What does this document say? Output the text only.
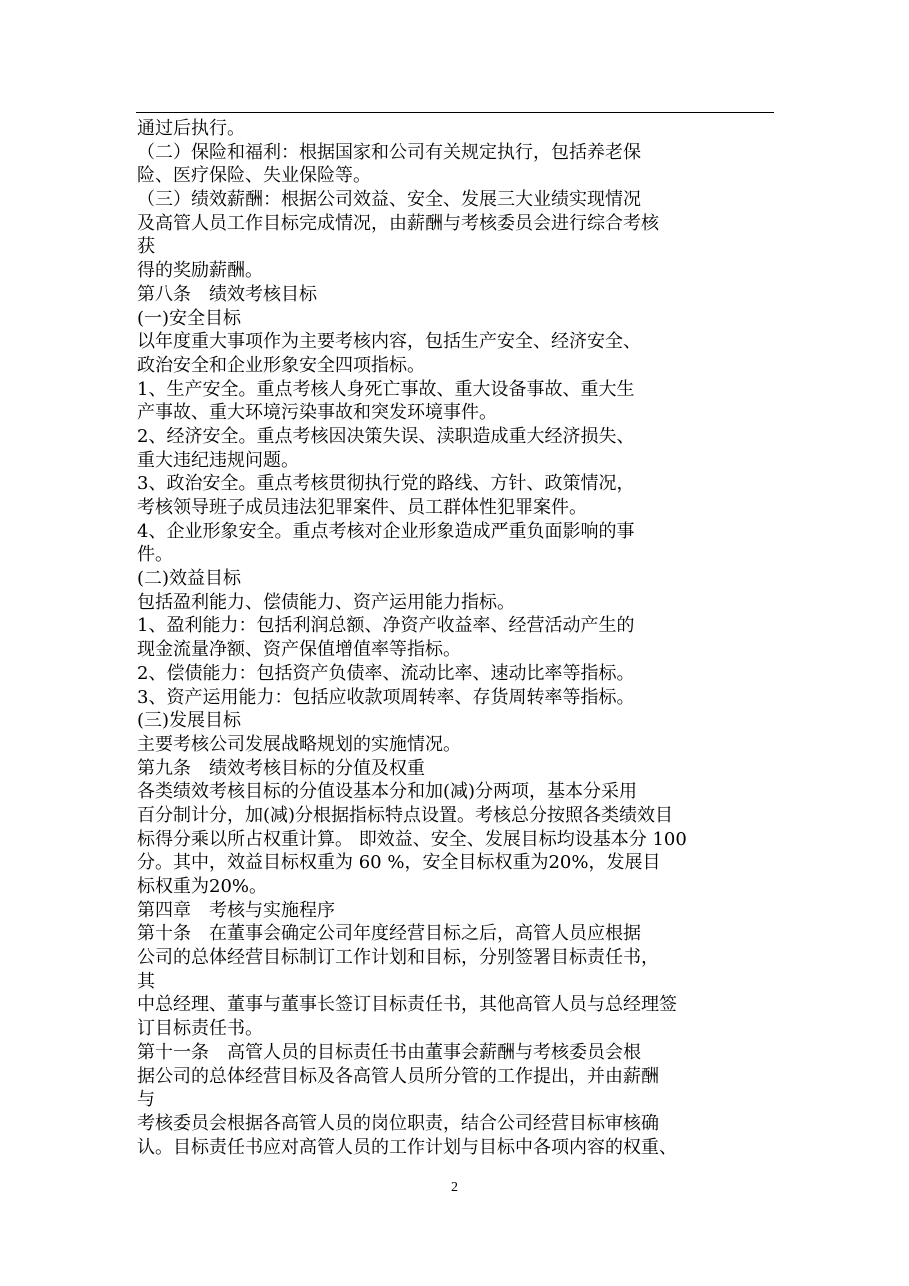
通过后执行。
（二）保险和福利：根据国家和公司有关规定执行，包括养老保
险、医疗保险、失业保险等。
（三）绩效薪酬：根据公司效益、安全、发展三大业绩实现情况
及高管人员工作目标完成情况，由薪酬与考核委员会进行综合考核
获
得的奖励薪酬。
第八条　绩效考核目标
(一)安全目标
以年度重大事项作为主要考核内容，包括生产安全、经济安全、
政治安全和企业形象安全四项指标。
1、生产安全。重点考核人身死亡事故、重大设备事故、重大生
产事故、重大环境污染事故和突发环境事件。
2、经济安全。重点考核因决策失误、渎职造成重大经济损失、
重大违纪违规问题。
3、政治安全。重点考核贯彻执行党的路线、方针、政策情况，
考核领导班子成员违法犯罪案件、员工群体性犯罪案件。
4、企业形象安全。重点考核对企业形象造成严重负面影响的事
件。
(二)效益目标
包括盈利能力、偿债能力、资产运用能力指标。
1、盈利能力：包括利润总额、净资产收益率、经营活动产生的
现金流量净额、资产保值增值率等指标。
2、偿债能力：包括资产负债率、流动比率、速动比率等指标。
3、资产运用能力：包括应收款项周转率、存货周转率等指标。
(三)发展目标
主要考核公司发展战略规划的实施情况。
第九条　绩效考核目标的分值及权重
各类绩效考核目标的分值设基本分和加(减)分两项，基本分采用
百分制计分，加(减)分根据指标特点设置。考核总分按照各类绩效目
标得分乘以所占权重计算。 即效益、安全、发展目标均设基本分 100
分。其中，效益目标权重为 60 %，安全目标权重为20%，发展目
标权重为20%。
第四章　考核与实施程序
第十条　在董事会确定公司年度经营目标之后，高管人员应根据
公司的总体经营目标制订工作计划和目标，分别签署目标责任书，
其
中总经理、董事与董事长签订目标责任书，其他高管人员与总经理签
订目标责任书。
第十一条　高管人员的目标责任书由董事会薪酬与考核委员会根
据公司的总体经营目标及各高管人员所分管的工作提出，并由薪酬
与
考核委员会根据各高管人员的岗位职责，结合公司经营目标审核确
认。目标责任书应对高管人员的工作计划与目标中各项内容的权重、
2
